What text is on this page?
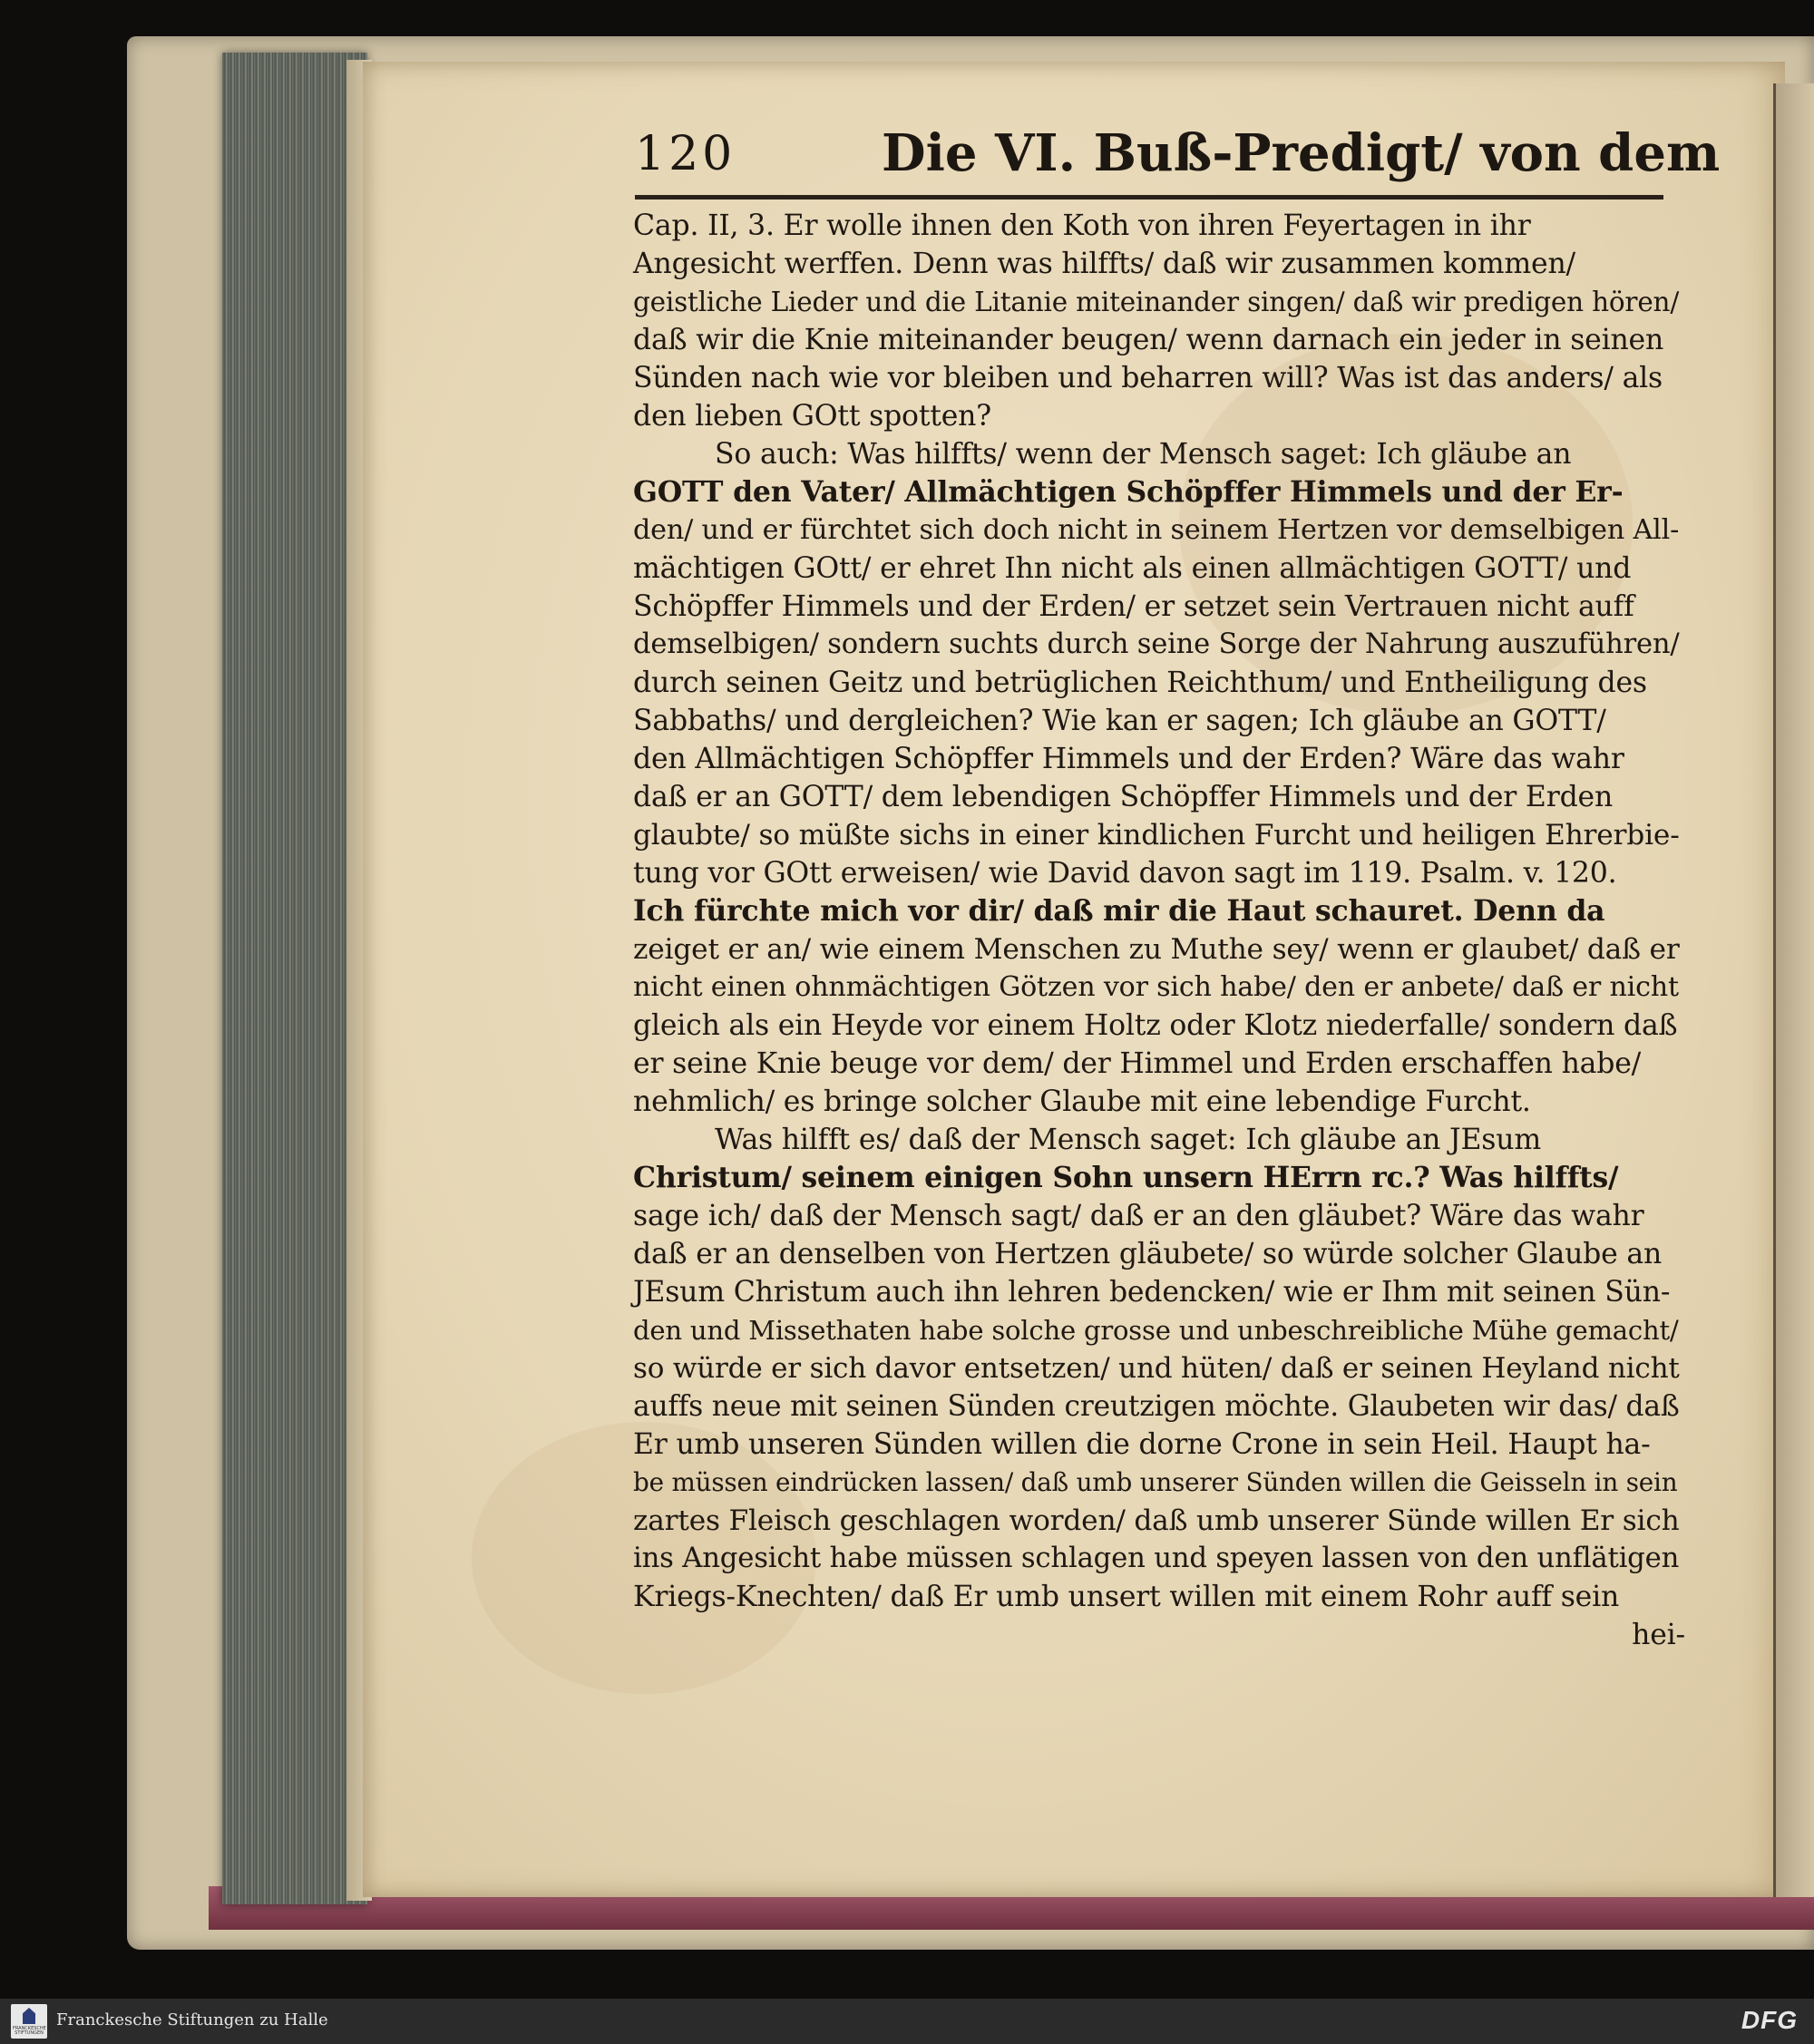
120	Die VI. Buß-Predigt/ von dem
Cap. II, 3. Er wolle ihnen den Koth von ihren Feyertagen in ihr
Angesicht werffen. Denn was hilffts/ daß wir zusammen kommen/
geistliche Lieder und die Litanie miteinander singen/ daß wir predigen hören/
daß wir die Knie miteinander beugen/ wenn darnach ein jeder in seinen
Sünden nach wie vor bleiben und beharren will? Was ist das anders/ als
den lieben GOtt spotten?
So auch: Was hilffts/ wenn der Mensch saget: Ich gläube an
GOTT den Vater/ Allmächtigen Schöpffer Himmels und der Er-
den/ und er fürchtet sich doch nicht in seinem Hertzen vor demselbigen All-
mächtigen GOtt/ er ehret Ihn nicht als einen allmächtigen GOTT/ und
Schöpffer Himmels und der Erden/ er setzet sein Vertrauen nicht auff
demselbigen/ sondern suchts durch seine Sorge der Nahrung auszuführen/
durch seinen Geitz und betrüglichen Reichthum/ und Entheiligung des
Sabbaths/ und dergleichen? Wie kan er sagen; Ich gläube an GOTT/
den Allmächtigen Schöpffer Himmels und der Erden? Wäre das wahr
daß er an GOTT/ dem lebendigen Schöpffer Himmels und der Erden
glaubte/ so müßte sichs in einer kindlichen Furcht und heiligen Ehrerbie-
tung vor GOtt erweisen/ wie David davon sagt im 119. Psalm. v. 120.
Ich fürchte mich vor dir/ daß mir die Haut schauret. Denn da
zeiget er an/ wie einem Menschen zu Muthe sey/ wenn er glaubet/ daß er
nicht einen ohnmächtigen Götzen vor sich habe/ den er anbete/ daß er nicht
gleich als ein Heyde vor einem Holtz oder Klotz niederfalle/ sondern daß
er seine Knie beuge vor dem/ der Himmel und Erden erschaffen habe/
nehmlich/ es bringe solcher Glaube mit eine lebendige Furcht.
Was hilfft es/ daß der Mensch saget: Ich gläube an JEsum
Christum/ seinem einigen Sohn unsern HErrn rc.? Was hilffts/
sage ich/ daß der Mensch sagt/ daß er an den gläubet? Wäre das wahr
daß er an denselben von Hertzen gläubete/ so würde solcher Glaube an
JEsum Christum auch ihn lehren bedencken/ wie er Ihm mit seinen Sün-
den und Missethaten habe solche grosse und unbeschreibliche Mühe gemacht/
so würde er sich davor entsetzen/ und hüten/ daß er seinen Heyland nicht
auffs neue mit seinen Sünden creutzigen möchte. Glaubeten wir das/ daß
Er umb unseren Sünden willen die dorne Crone in sein Heil. Haupt ha-
be müssen eindrücken lassen/ daß umb unserer Sünden willen die Geisseln in sein
zartes Fleisch geschlagen worden/ daß umb unserer Sünde willen Er sich
ins Angesicht habe müssen schlagen und speyen lassen von den unflätigen
Kriegs-Knechten/ daß Er umb unsert willen mit einem Rohr auff sein
hei-
FRANCKESCHE STIFTUNGEN
Franckesche Stiftungen zu Halle	DFG
